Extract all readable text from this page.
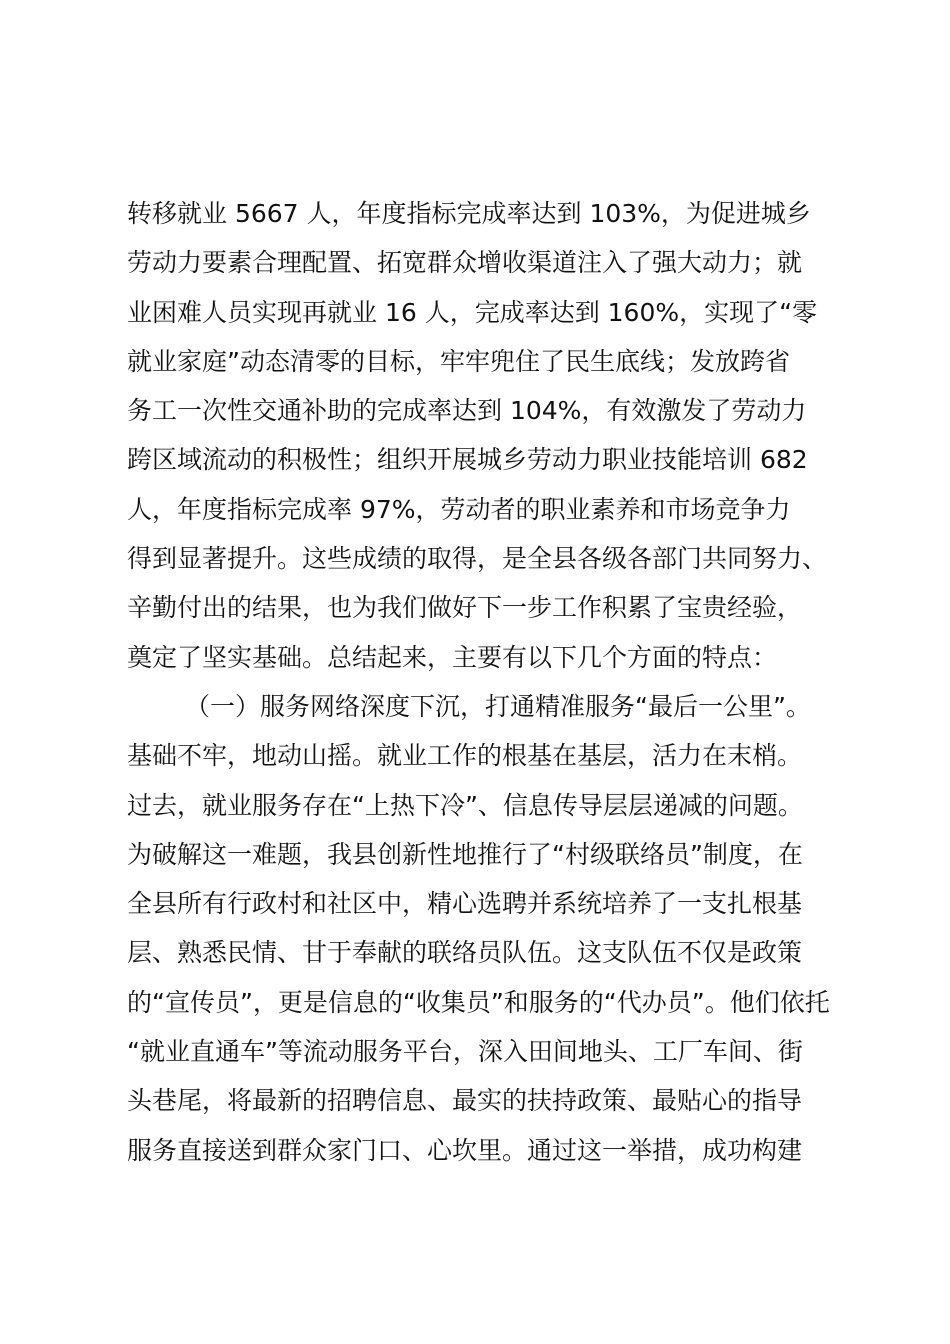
转移就业 5667 人，年度指标完成率达到 103%，为促进城乡
劳动力要素合理配置、拓宽群众增收渠道注入了强大动力；就
业困难人员实现再就业 16 人，完成率达到 160%，实现了“零
就业家庭”动态清零的目标，牢牢兜住了民生底线；发放跨省
务工一次性交通补助的完成率达到 104%，有效激发了劳动力
跨区域流动的积极性；组织开展城乡劳动力职业技能培训 682
人，年度指标完成率 97%，劳动者的职业素养和市场竞争力
得到显著提升。这些成绩的取得，是全县各级各部门共同努力、
辛勤付出的结果，也为我们做好下一步工作积累了宝贵经验，
奠定了坚实基础。总结起来，主要有以下几个方面的特点：
（一）服务网络深度下沉，打通精准服务“最后一公里”。
基础不牢，地动山摇。就业工作的根基在基层，活力在末梢。
过去，就业服务存在“上热下冷”、信息传导层层递减的问题。
为破解这一难题，我县创新性地推行了“村级联络员”制度，在
全县所有行政村和社区中，精心选聘并系统培养了一支扎根基
层、熟悉民情、甘于奉献的联络员队伍。这支队伍不仅是政策
的“宣传员”，更是信息的“收集员”和服务的“代办员”。他们依托
“就业直通车”等流动服务平台，深入田间地头、工厂车间、街
头巷尾，将最新的招聘信息、最实的扶持政策、最贴心的指导
服务直接送到群众家门口、心坎里。通过这一举措，成功构建
